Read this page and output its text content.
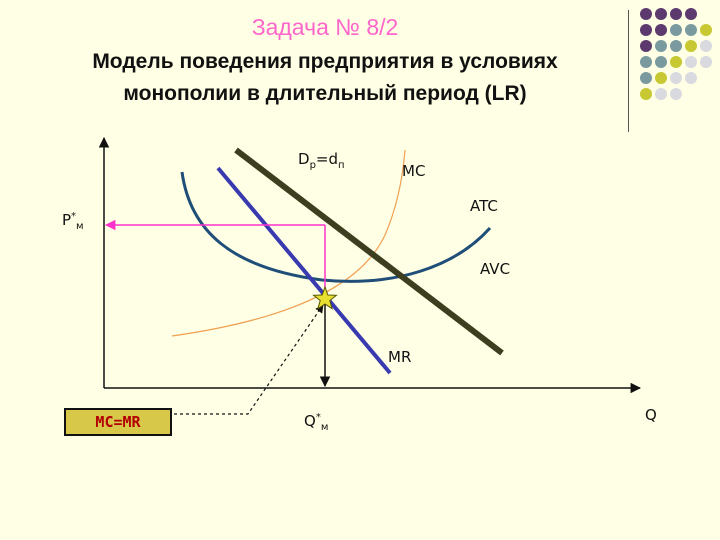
Задача № 8/2
Модель поведения предприятия в условиях
монополии в длительный период (LR)
$D_р=d_п$	MC
ATC
AVC
MR
$P^*_м$
$Q^*_м$
Q
MC=MR
